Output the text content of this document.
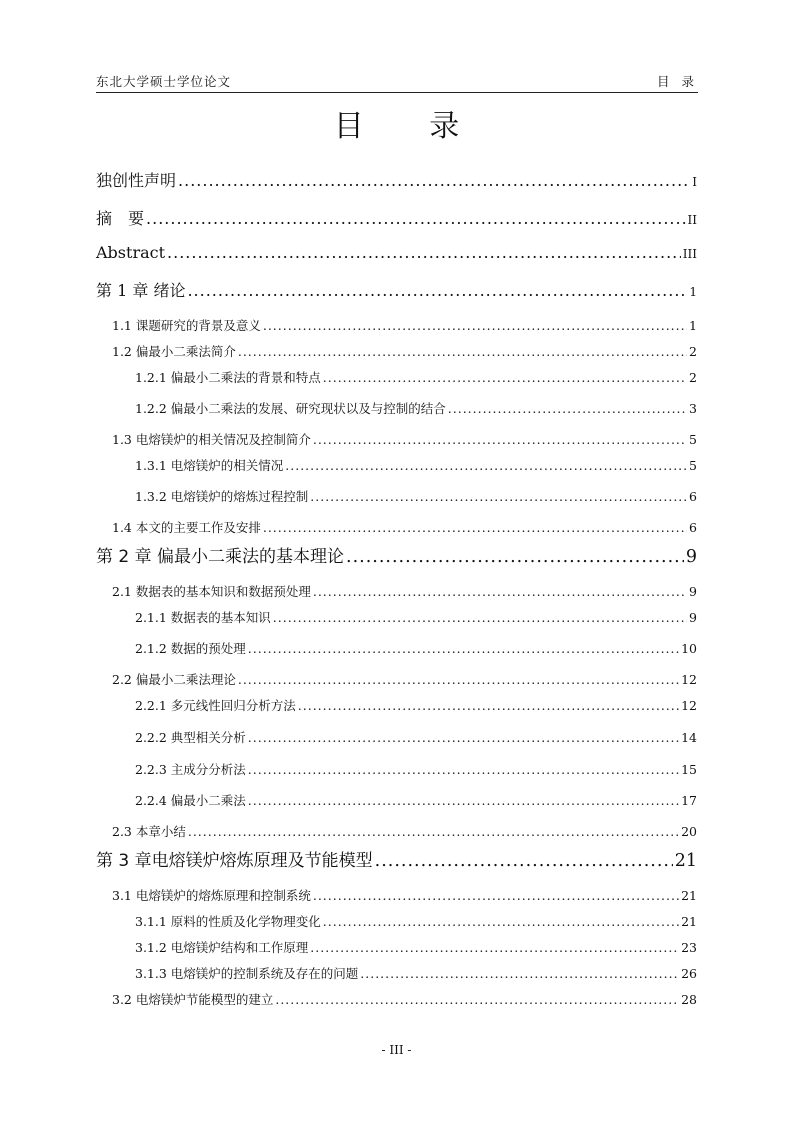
东北大学硕士学位论文	目 录
目 录
独创性声明 .....	I
摘　要 .....	II
Abstract .....	III
第 1 章 绪论 .....	1
1.1 课题研究的背景及意义 .....	1
1.2 偏最小二乘法简介 .....	2
1.2.1 偏最小二乘法的背景和特点 .....	2
1.2.2 偏最小二乘法的发展、研究现状以及与控制的结合 .....	3
1.3 电熔镁炉的相关情况及控制简介 .....	5
1.3.1 电熔镁炉的相关情况 .....	5
1.3.2 电熔镁炉的熔炼过程控制 .....	6
1.4 本文的主要工作及安排 .....	6
第 2 章 偏最小二乘法的基本理论 .....	9
2.1 数据表的基本知识和数据预处理 .....	9
2.1.1 数据表的基本知识 .....	9
2.1.2 数据的预处理 .....	10
2.2 偏最小二乘法理论 .....	12
2.2.1 多元线性回归分析方法 .....	12
2.2.2 典型相关分析 .....	14
2.2.3 主成分分析法 .....	15
2.2.4 偏最小二乘法 .....	17
2.3 本章小结 .....	20
第 3 章电熔镁炉熔炼原理及节能模型 .....	21
3.1 电熔镁炉的熔炼原理和控制系统 .....	21
3.1.1 原料的性质及化学物理变化 .....	21
3.1.2 电熔镁炉结构和工作原理 .....	23
3.1.3 电熔镁炉的控制系统及存在的问题 .....	26
3.2 电熔镁炉节能模型的建立 .....	28
- III -
